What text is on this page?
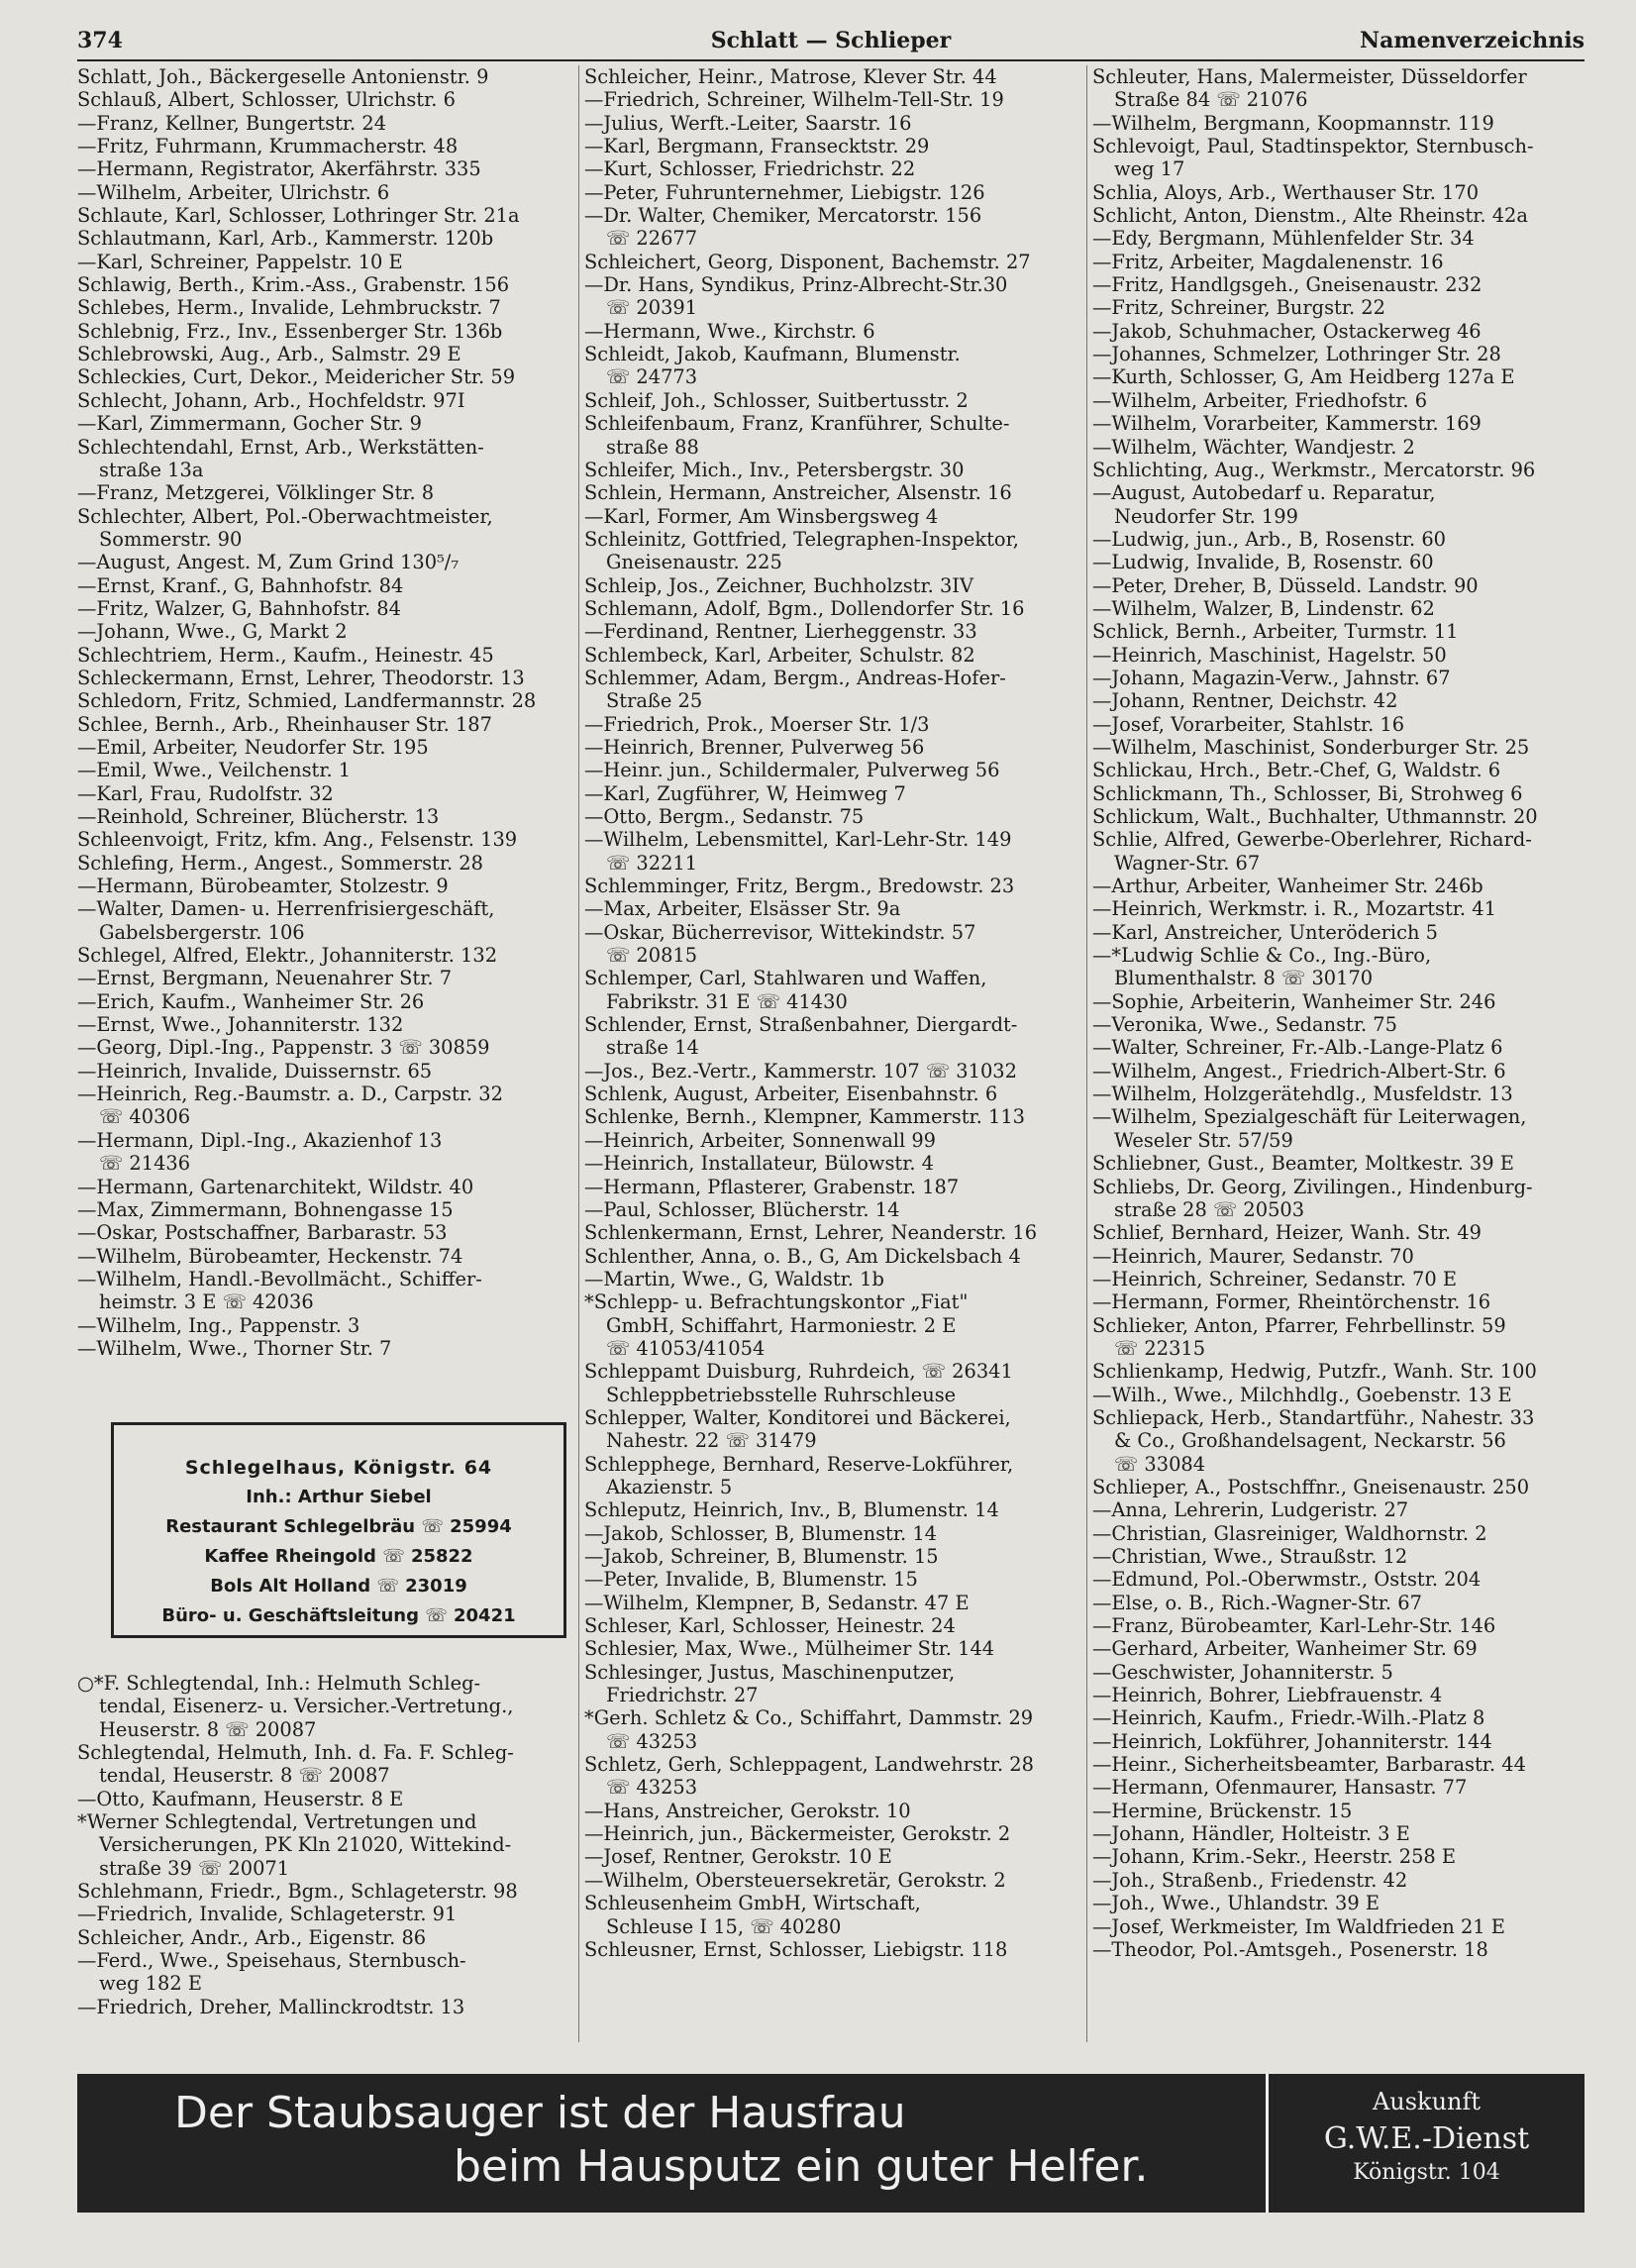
374	Schlatt — Schlieper	Namenverzeichnis
Schlatt, Joh., Bäckergeselle Antonienstr. 9
Schlauß, Albert, Schlosser, Ulrichstr. 6
—Franz, Kellner, Bungertstr. 24
—Fritz, Fuhrmann, Krummacherstr. 48
—Hermann, Registrator, Akerfährstr. 335
—Wilhelm, Arbeiter, Ulrichstr. 6
Schlaute, Karl, Schlosser, Lothringer Str. 21a
Schlautmann, Karl, Arb., Kammerstr. 120b
—Karl, Schreiner, Pappelstr. 10 E
Schlawig, Berth., Krim.-Ass., Grabenstr. 156
Schlebes, Herm., Invalide, Lehmbruckstr. 7
Schlebnig, Frz., Inv., Essenberger Str. 136b
Schlebrowski, Aug., Arb., Salmstr. 29 E
Schleckies, Curt, Dekor., Meidericher Str. 59
Schlecht, Johann, Arb., Hochfeldstr. 97I
—Karl, Zimmermann, Gocher Str. 9
Schlechtendahl, Ernst, Arb., Werkstätten-
straße 13a
—Franz, Metzgerei, Völklinger Str. 8
Schlechter, Albert, Pol.-Oberwachtmeister,
Sommerstr. 90
—August, Angest. M, Zum Grind 130⁵/₇
—Ernst, Kranf., G, Bahnhofstr. 84
—Fritz, Walzer, G, Bahnhofstr. 84
—Johann, Wwe., G, Markt 2
Schlechtriem, Herm., Kaufm., Heinestr. 45
Schleckermann, Ernst, Lehrer, Theodorstr. 13
Schledorn, Fritz, Schmied, Landfermannstr. 28
Schlee, Bernh., Arb., Rheinhauser Str. 187
—Emil, Arbeiter, Neudorfer Str. 195
—Emil, Wwe., Veilchenstr. 1
—Karl, Frau, Rudolfstr. 32
—Reinhold, Schreiner, Blücherstr. 13
Schleenvoigt, Fritz, kfm. Ang., Felsenstr. 139
Schlefing, Herm., Angest., Sommerstr. 28
—Hermann, Bürobeamter, Stolzestr. 9
—Walter, Damen- u. Herrenfrisiergeschäft,
Gabelsbergerstr. 106
Schlegel, Alfred, Elektr., Johanniterstr. 132
—Ernst, Bergmann, Neuenahrer Str. 7
—Erich, Kaufm., Wanheimer Str. 26
—Ernst, Wwe., Johanniterstr. 132
—Georg, Dipl.-Ing., Pappenstr. 3 ☏ 30859
—Heinrich, Invalide, Duissernstr. 65
—Heinrich, Reg.-Baumstr. a. D., Carpstr. 32
☏ 40306
—Hermann, Dipl.-Ing., Akazienhof 13
☏ 21436
—Hermann, Gartenarchitekt, Wildstr. 40
—Max, Zimmermann, Bohnengasse 15
—Oskar, Postschaffner, Barbarastr. 53
—Wilhelm, Bürobeamter, Heckenstr. 74
—Wilhelm, Handl.-Bevollmächt., Schiffer-
heimstr. 3 E ☏ 42036
—Wilhelm, Ing., Pappenstr. 3
—Wilhelm, Wwe., Thorner Str. 7
Schleicher, Heinr., Matrose, Klever Str. 44
—Friedrich, Schreiner, Wilhelm-Tell-Str. 19
—Julius, Werft.-Leiter, Saarstr. 16
—Karl, Bergmann, Fransecktstr. 29
—Kurt, Schlosser, Friedrichstr. 22
—Peter, Fuhrunternehmer, Liebigstr. 126
—Dr. Walter, Chemiker, Mercatorstr. 156
☏ 22677
Schleichert, Georg, Disponent, Bachemstr. 27
—Dr. Hans, Syndikus, Prinz-Albrecht-Str.30
☏ 20391
—Hermann, Wwe., Kirchstr. 6
Schleidt, Jakob, Kaufmann, Blumenstr.
☏ 24773
Schleif, Joh., Schlosser, Suitbertusstr. 2
Schleifenbaum, Franz, Kranführer, Schulte-
straße 88
Schleifer, Mich., Inv., Petersbergstr. 30
Schlein, Hermann, Anstreicher, Alsenstr. 16
—Karl, Former, Am Winsbergsweg 4
Schleinitz, Gottfried, Telegraphen-Inspektor,
Gneisenaustr. 225
Schleip, Jos., Zeichner, Buchholzstr. 3IV
Schlemann, Adolf, Bgm., Dollendorfer Str. 16
—Ferdinand, Rentner, Lierheggenstr. 33
Schlembeck, Karl, Arbeiter, Schulstr. 82
Schlemmer, Adam, Bergm., Andreas-Hofer-
Straße 25
—Friedrich, Prok., Moerser Str. 1/3
—Heinrich, Brenner, Pulverweg 56
—Heinr. jun., Schildermaler, Pulverweg 56
—Karl, Zugführer, W, Heimweg 7
—Otto, Bergm., Sedanstr. 75
—Wilhelm, Lebensmittel, Karl-Lehr-Str. 149
☏ 32211
Schlemminger, Fritz, Bergm., Bredowstr. 23
—Max, Arbeiter, Elsässer Str. 9a
—Oskar, Bücherrevisor, Wittekindstr. 57
☏ 20815
Schlemper, Carl, Stahlwaren und Waffen,
Fabrikstr. 31 E ☏ 41430
Schlender, Ernst, Straßenbahner, Diergardt-
straße 14
—Jos., Bez.-Vertr., Kammerstr. 107 ☏ 31032
Schlenk, August, Arbeiter, Eisenbahnstr. 6
Schlenke, Bernh., Klempner, Kammerstr. 113
—Heinrich, Arbeiter, Sonnenwall 99
—Heinrich, Installateur, Bülowstr. 4
—Hermann, Pflasterer, Grabenstr. 187
—Paul, Schlosser, Blücherstr. 14
Schlenkermann, Ernst, Lehrer, Neanderstr. 16
Schlenther, Anna, o. B., G, Am Dickelsbach 4
—Martin, Wwe., G, Waldstr. 1b
*Schlepp- u. Befrachtungskontor „Fiat"
GmbH, Schiffahrt, Harmoniestr. 2 E
☏ 41053/41054
Schleppamt Duisburg, Ruhrdeich, ☏ 26341
Schleppbetriebsstelle Ruhrschleuse
Schlepper, Walter, Konditorei und Bäckerei,
Nahestr. 22 ☏ 31479
Schlepphege, Bernhard, Reserve-Lokführer,
Akazienstr. 5
Schleputz, Heinrich, Inv., B, Blumenstr. 14
—Jakob, Schlosser, B, Blumenstr. 14
—Jakob, Schreiner, B, Blumenstr. 15
—Peter, Invalide, B, Blumenstr. 15
—Wilhelm, Klempner, B, Sedanstr. 47 E
Schleser, Karl, Schlosser, Heinestr. 24
Schlesier, Max, Wwe., Mülheimer Str. 144
Schlesinger, Justus, Maschinenputzer,
Friedrichstr. 27
*Gerh. Schletz & Co., Schiffahrt, Dammstr. 29
☏ 43253
Schletz, Gerh, Schleppagent, Landwehrstr. 28
☏ 43253
—Hans, Anstreicher, Gerokstr. 10
—Heinrich, jun., Bäckermeister, Gerokstr. 2
—Josef, Rentner, Gerokstr. 10 E
—Wilhelm, Obersteuersekretär, Gerokstr. 2
Schleusenheim GmbH, Wirtschaft,
Schleuse I 15, ☏ 40280
Schleusner, Ernst, Schlosser, Liebigstr. 118
Schleuter, Hans, Malermeister, Düsseldorfer
Straße 84 ☏ 21076
—Wilhelm, Bergmann, Koopmannstr. 119
Schlevoigt, Paul, Stadtinspektor, Sternbusch-
weg 17
Schlia, Aloys, Arb., Werthauser Str. 170
Schlicht, Anton, Dienstm., Alte Rheinstr. 42a
—Edy, Bergmann, Mühlenfelder Str. 34
—Fritz, Arbeiter, Magdalenenstr. 16
—Fritz, Handlgsgeh., Gneisenaustr. 232
—Fritz, Schreiner, Burgstr. 22
—Jakob, Schuhmacher, Ostackerweg 46
—Johannes, Schmelzer, Lothringer Str. 28
—Kurth, Schlosser, G, Am Heidberg 127a E
—Wilhelm, Arbeiter, Friedhofstr. 6
—Wilhelm, Vorarbeiter, Kammerstr. 169
—Wilhelm, Wächter, Wandjestr. 2
Schlichting, Aug., Werkmstr., Mercatorstr. 96
—August, Autobedarf u. Reparatur,
Neudorfer Str. 199
—Ludwig, jun., Arb., B, Rosenstr. 60
—Ludwig, Invalide, B, Rosenstr. 60
—Peter, Dreher, B, Düsseld. Landstr. 90
—Wilhelm, Walzer, B, Lindenstr. 62
Schlick, Bernh., Arbeiter, Turmstr. 11
—Heinrich, Maschinist, Hagelstr. 50
—Johann, Magazin-Verw., Jahnstr. 67
—Johann, Rentner, Deichstr. 42
—Josef, Vorarbeiter, Stahlstr. 16
—Wilhelm, Maschinist, Sonderburger Str. 25
Schlickau, Hrch., Betr.-Chef, G, Waldstr. 6
Schlickmann, Th., Schlosser, Bi, Strohweg 6
Schlickum, Walt., Buchhalter, Uthmannstr. 20
Schlie, Alfred, Gewerbe-Oberlehrer, Richard-
Wagner-Str. 67
—Arthur, Arbeiter, Wanheimer Str. 246b
—Heinrich, Werkmstr. i. R., Mozartstr. 41
—Karl, Anstreicher, Unteröderich 5
—*Ludwig Schlie & Co., Ing.-Büro,
Blumenthalstr. 8 ☏ 30170
—Sophie, Arbeiterin, Wanheimer Str. 246
—Veronika, Wwe., Sedanstr. 75
—Walter, Schreiner, Fr.-Alb.-Lange-Platz 6
—Wilhelm, Angest., Friedrich-Albert-Str. 6
—Wilhelm, Holzgerätehdlg., Musfeldstr. 13
—Wilhelm, Spezialgeschäft für Leiterwagen,
Weseler Str. 57/59
Schliebner, Gust., Beamter, Moltkestr. 39 E
Schliebs, Dr. Georg, Zivilingen., Hindenburg-
straße 28 ☏ 20503
Schlief, Bernhard, Heizer, Wanh. Str. 49
—Heinrich, Maurer, Sedanstr. 70
—Heinrich, Schreiner, Sedanstr. 70 E
—Hermann, Former, Rheintörchenstr. 16
Schlieker, Anton, Pfarrer, Fehrbellinstr. 59
☏ 22315
Schlienkamp, Hedwig, Putzfr., Wanh. Str. 100
—Wilh., Wwe., Milchhdlg., Goebenstr. 13 E
Schliepack, Herb., Standartführ., Nahestr. 33
& Co., Großhandelsagent, Neckarstr. 56
☏ 33084
Schlieper, A., Postschffnr., Gneisenaustr. 250
—Anna, Lehrerin, Ludgeristr. 27
—Christian, Glasreiniger, Waldhornstr. 2
—Christian, Wwe., Straußstr. 12
—Edmund, Pol.-Oberwmstr., Oststr. 204
—Else, o. B., Rich.-Wagner-Str. 67
—Franz, Bürobeamter, Karl-Lehr-Str. 146
—Gerhard, Arbeiter, Wanheimer Str. 69
—Geschwister, Johanniterstr. 5
—Heinrich, Bohrer, Liebfrauenstr. 4
—Heinrich, Kaufm., Friedr.-Wilh.-Platz 8
—Heinrich, Lokführer, Johanniterstr. 144
—Heinr., Sicherheitsbeamter, Barbarastr. 44
—Hermann, Ofenmaurer, Hansastr. 77
—Hermine, Brückenstr. 15
—Johann, Händler, Holteistr. 3 E
—Johann, Krim.-Sekr., Heerstr. 258 E
—Joh., Straßenb., Friedenstr. 42
—Joh., Wwe., Uhlandstr. 39 E
—Josef, Werkmeister, Im Waldfrieden 21 E
—Theodor, Pol.-Amtsgeh., Posenerstr. 18
Schlegelhaus, Königstr. 64
Inh.: Arthur Siebel
Restaurant Schlegelbräu ☏ 25994
Kaffee Rheingold ☏ 25822
Bols Alt Holland ☏ 23019
Büro- u. Geschäftsleitung ☏ 20421
○*F. Schlegtendal, Inh.: Helmuth Schleg-
tendal, Eisenerz- u. Versicher.-Vertretung.,
Heuserstr. 8 ☏ 20087
Schlegtendal, Helmuth, Inh. d. Fa. F. Schleg-
tendal, Heuserstr. 8 ☏ 20087
—Otto, Kaufmann, Heuserstr. 8 E
*Werner Schlegtendal, Vertretungen und
Versicherungen, PK Kln 21020, Wittekind-
straße 39 ☏ 20071
Schlehmann, Friedr., Bgm., Schlageterstr. 98
—Friedrich, Invalide, Schlageterstr. 91
Schleicher, Andr., Arb., Eigenstr. 86
—Ferd., Wwe., Speisehaus, Sternbusch-
weg 182 E
—Friedrich, Dreher, Mallinckrodtstr. 13
Der Staubsauger ist der Hausfrau
beim Hausputz ein guter Helfer.
Auskunft
G.W.E.-Dienst
Königstr. 104
